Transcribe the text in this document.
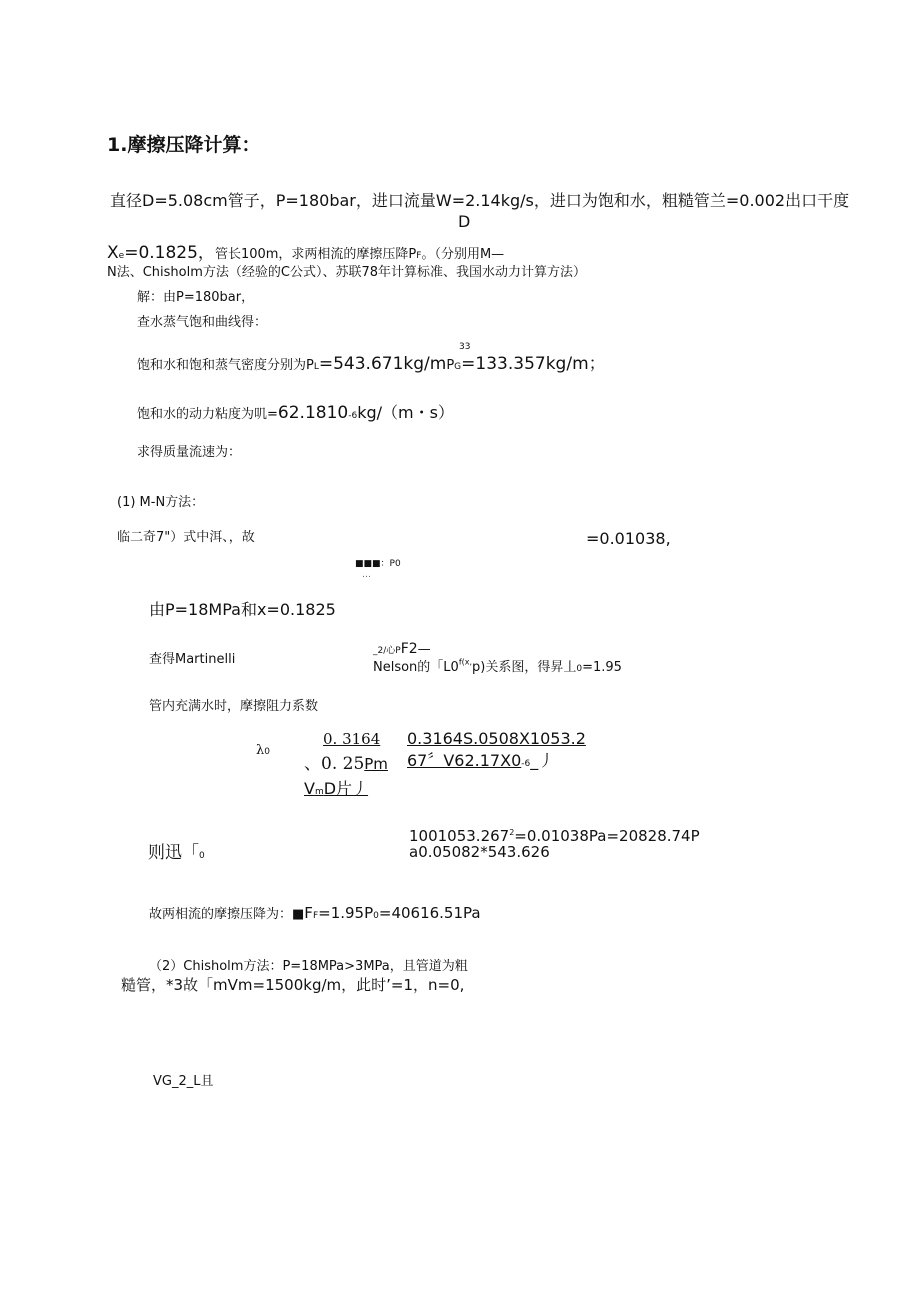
1.摩擦压降计算：
直径D=5.08cm管子，P=180bar，进口流量W=2.14kg/s，进口为饱和水，粗糙管兰=0.002出口干度
D
Xe=0.1825，管长100m，求两相流的摩擦压降PF。（分别用M—
N法、Chisholm方法（经验的C公式）、苏联78年计算标准、我国水动力计算方法）
解：由P=180bar，
查水蒸气饱和曲线得：
33
饱和水和饱和蒸气密度分别为PL=543.671kg/mPG=133.357kg/m；
饱和水的动力粘度为叽=62.1810-6kg/（m・s）
求得质量流速为：
(1) M-N方法：
临二奇7"）式中洱、，故	=0.01038,
■■■：P0
…
由P=18MPa和x=0.1825
查得Martinelli
_2/心PF2—
Nelson的「$L0^{f(x,}p$)关系图，得昇丄0=1.95
管内充满水时，摩擦阻力系数
λ0
0. 3164
、0. 25Pm
VmD片丿
0.3164S.0508X1053.2
67〞V62.17X0-6_丿
则迅「0
$1001053.267^2=0.01038Pa=20828.74P$
a0.05082*543.626
故两相流的摩擦压降为：■FF=1.95P0=40616.51Pa
（2）Chisholm方法：P=18MPa>3MPa，且管道为粗
糙管，*3故「mVm=1500kg/m，此时’=1，n=0,
VG_2_L且
